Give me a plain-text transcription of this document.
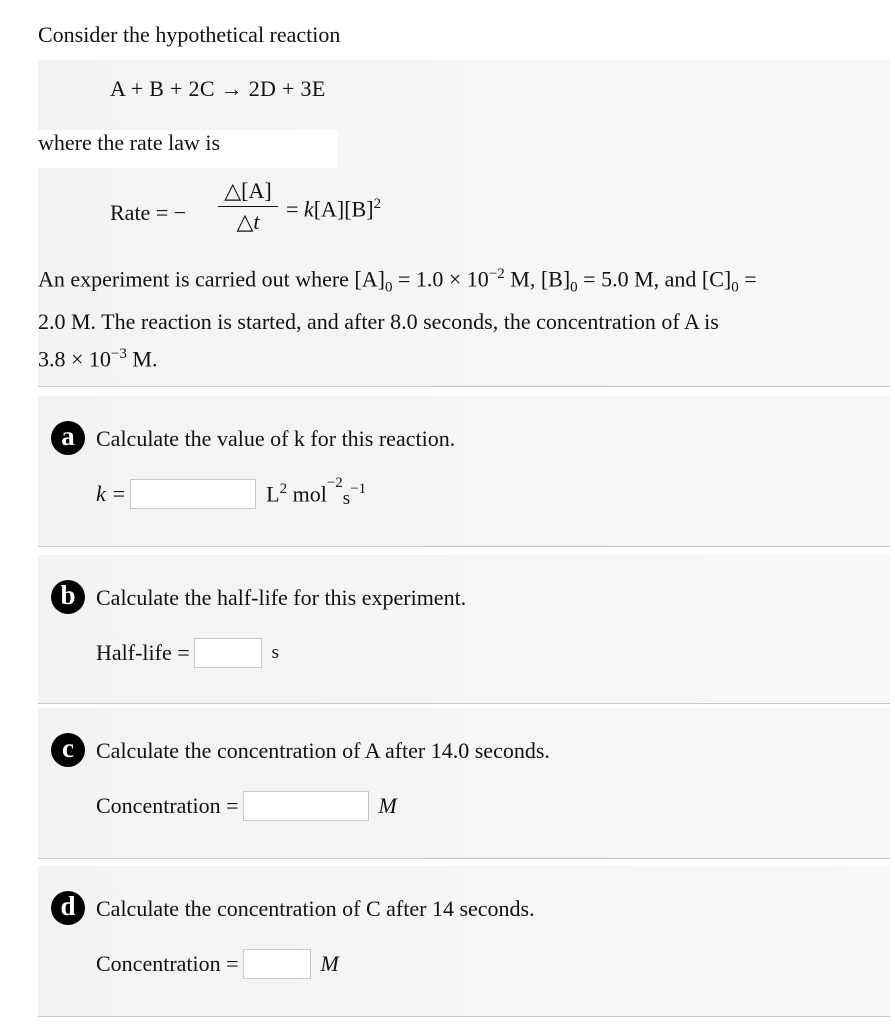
Consider the hypothetical reaction
A + B + 2C → 2D + 3E
where the rate law is
Rate = − $\frac{\triangle[A]}{\triangle t} = k[A][B]^2$
An experiment is carried out where $[A]_0 = 1.0 \times 10^{-2}$ M, $[B]_0 = 5.0$ M, and $[C]_0$ =
2.0 M. The reaction is started, and after 8.0 seconds, the concentration of A is
$3.8 \times 10^{-3}$ M.
a Calculate the value of k for this reaction.
k =	$L^2$ $mol^{-2}s^{-1}$
b Calculate the half-life for this experiment.
Half-life =	s
c	Calculate the concentration of A after 14.0 seconds.
Concentration =	M
d Calculate the concentration of C after 14 seconds.
Concentration =	M
